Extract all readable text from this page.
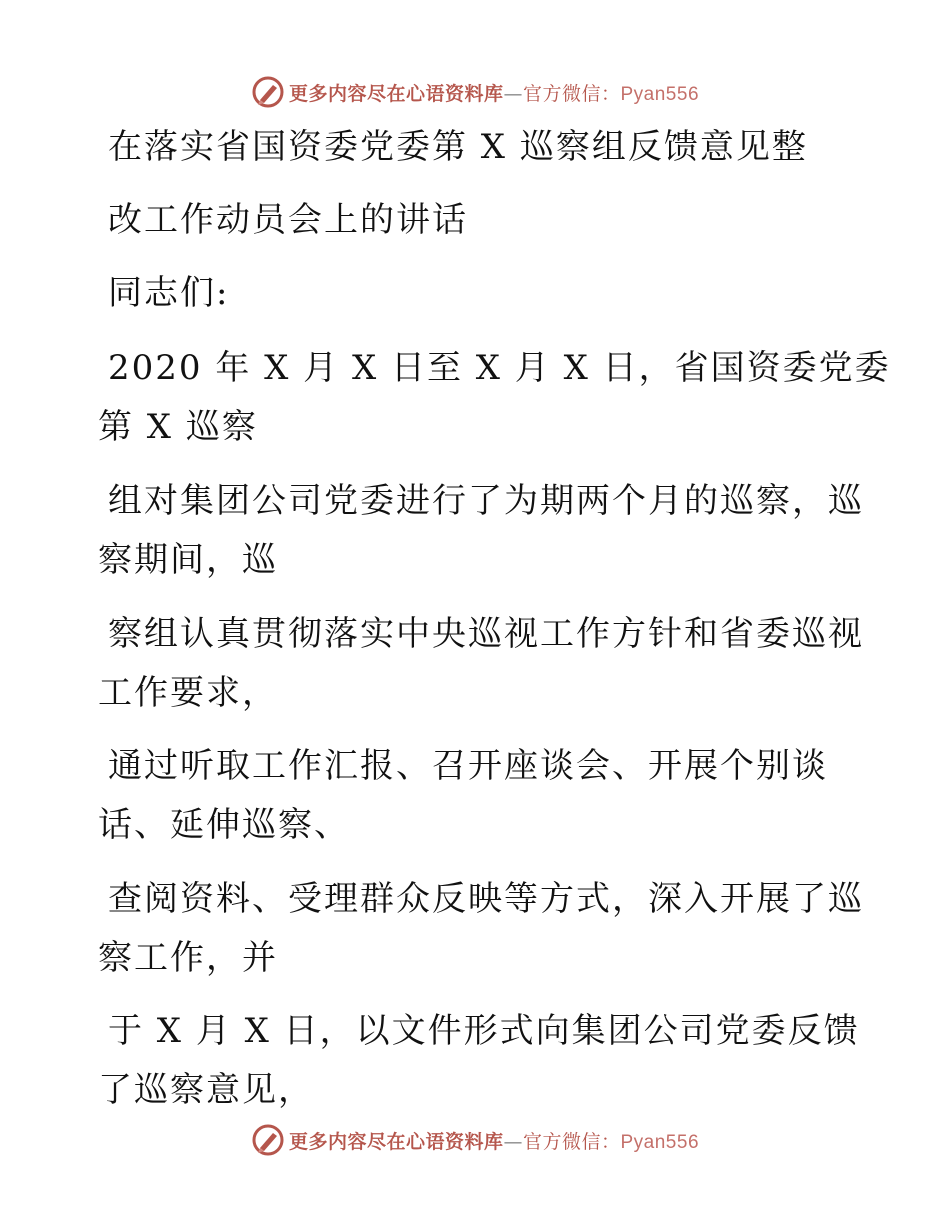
更多内容尽在心语资料库—官方微信：Pyan556
在落实省国资委党委第 X 巡察组反馈意见整
改工作动员会上的讲话
同志们:
2020 年 X 月 X 日至 X 月 X 日，省国资委党委
第 X 巡察
组对集团公司党委进行了为期两个月的巡察，巡
察期间，巡
察组认真贯彻落实中央巡视工作方针和省委巡视
工作要求，
通过听取工作汇报、召开座谈会、开展个别谈
话、延伸巡察、
查阅资料、受理群众反映等方式，深入开展了巡
察工作，并
于 X 月 X 日，以文件形式向集团公司党委反馈
了巡察意见，
更多内容尽在心语资料库—官方微信：Pyan556
